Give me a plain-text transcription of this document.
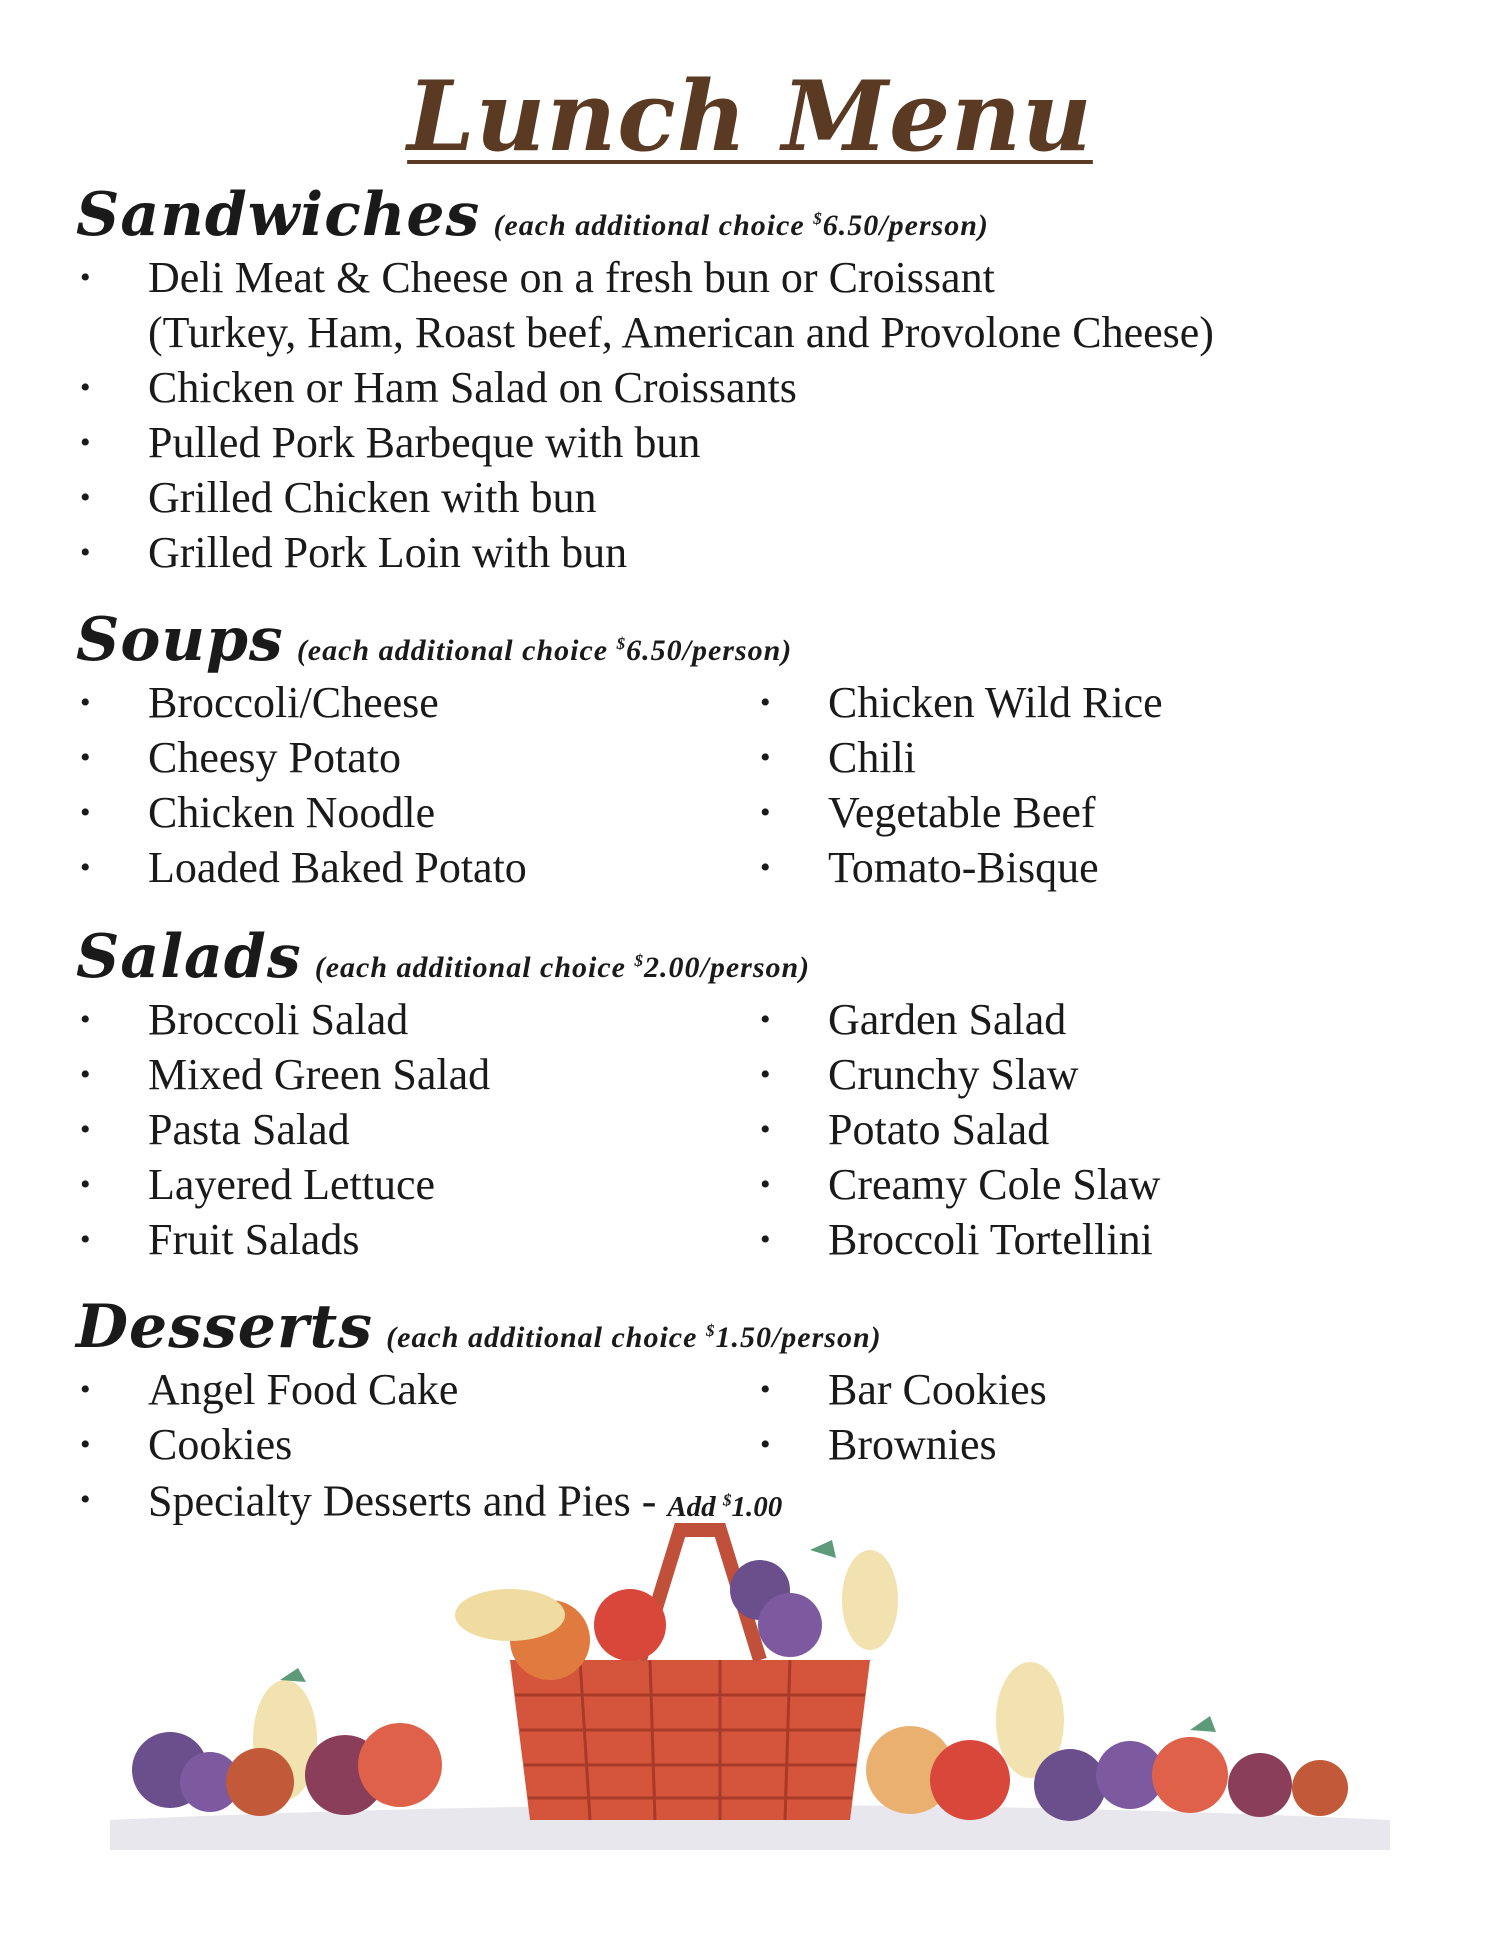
Lunch Menu
Sandwiches (each additional choice $6.50/person)
• Deli Meat & Cheese on a fresh bun or Croissant
(Turkey, Ham, Roast beef, American and Provolone Cheese)
• Chicken or Ham Salad on Croissants
• Pulled Pork Barbeque with bun
• Grilled Chicken with bun
• Grilled Pork Loin with bun
Soups (each additional choice $6.50/person)
• Broccoli/Cheese
• Cheesy Potato
• Chicken Noodle
• Loaded Baked Potato
• Chicken Wild Rice
• Chili
• Vegetable Beef
• Tomato-Bisque
Salads (each additional choice $2.00/person)
• Broccoli Salad
• Mixed Green Salad
• Pasta Salad
• Layered Lettuce
• Fruit Salads
• Garden Salad
• Crunchy Slaw
• Potato Salad
• Creamy Cole Slaw
• Broccoli Tortellini
Desserts (each additional choice $1.50/person)
• Angel Food Cake
• Cookies
• Bar Cookies
• Brownies
• Specialty Desserts and Pies - Add $1.00
